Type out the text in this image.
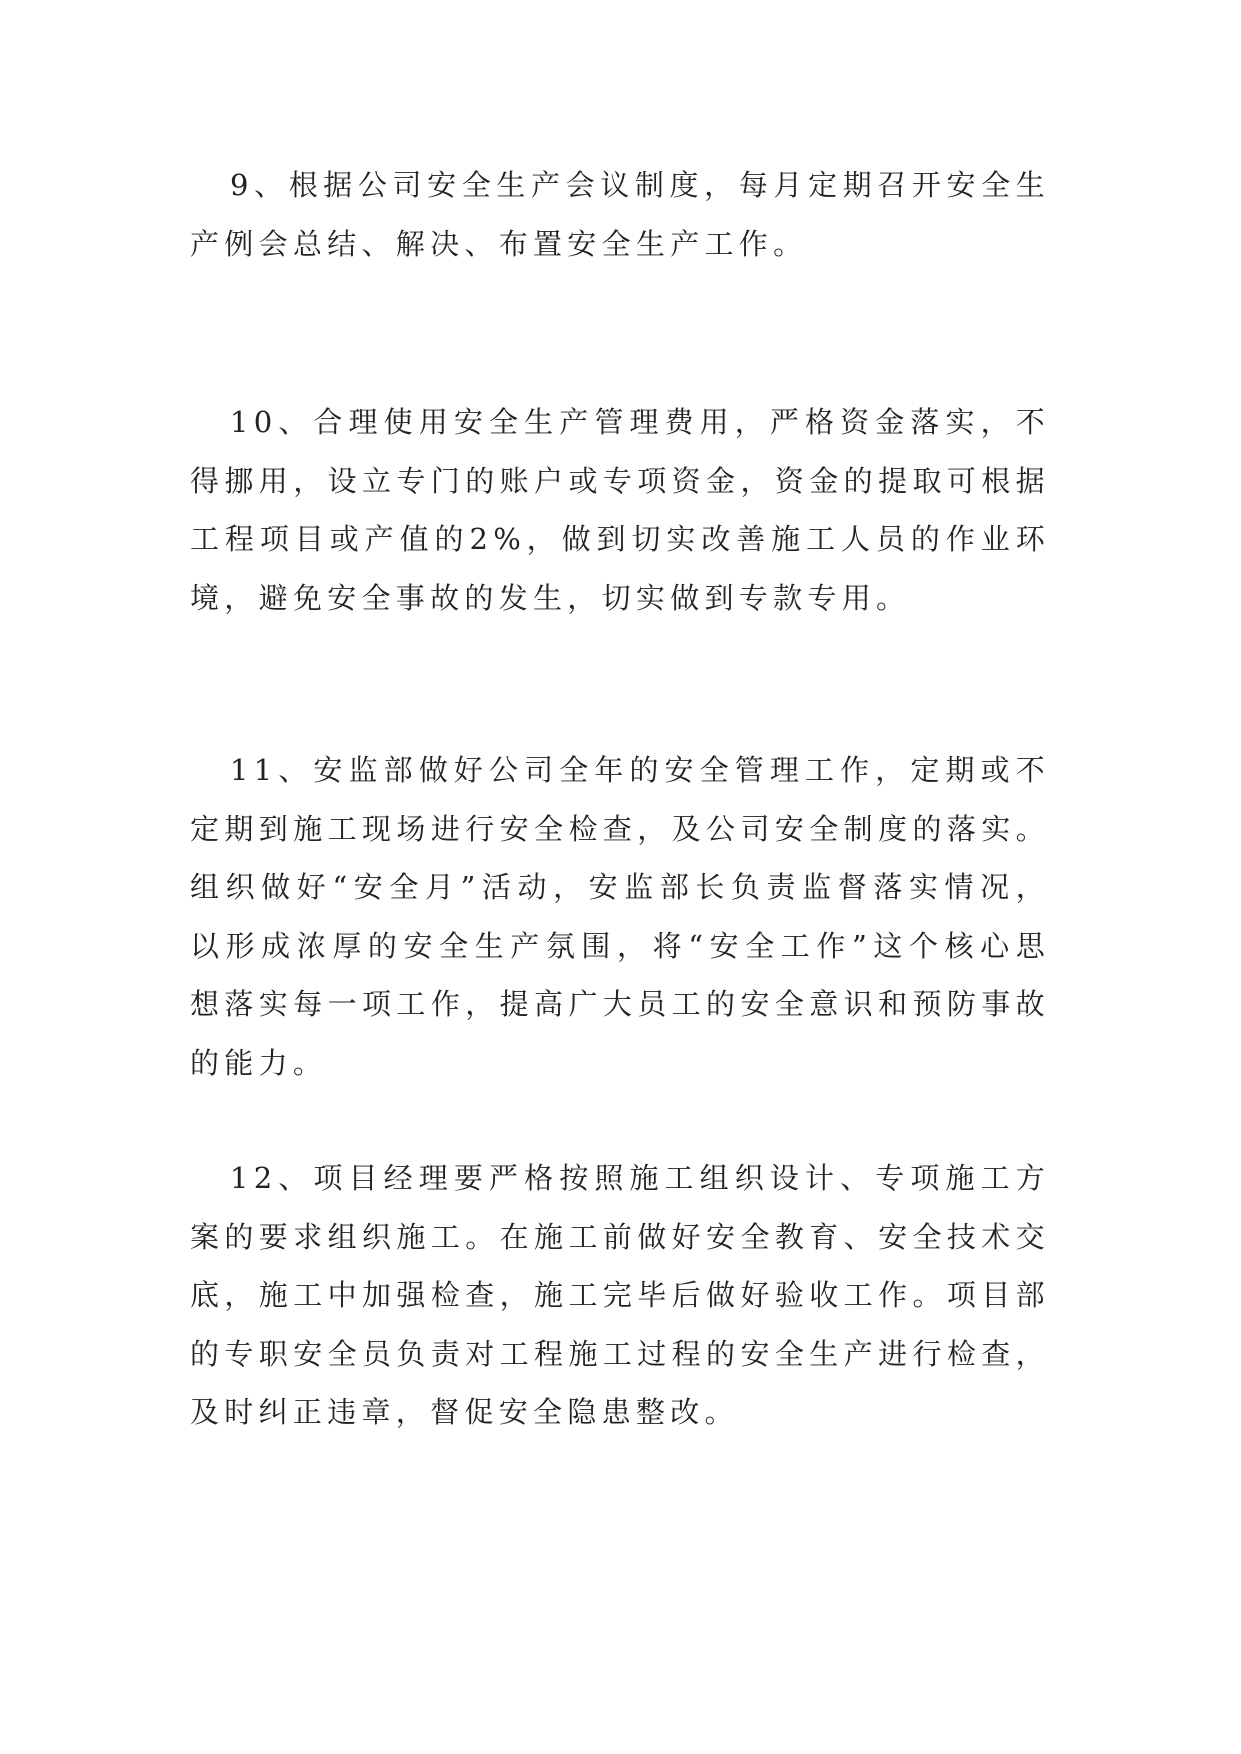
9、根据公司安全生产会议制度，每月定期召开安全生产例会总结、解决、布置安全生产工作。

10、合理使用安全生产管理费用，严格资金落实，不得挪用，设立专门的账户或专项资金，资金的提取可根据工程项目或产值的2%，做到切实改善施工人员的作业环境，避免安全事故的发生，切实做到专款专用。

11、安监部做好公司全年的安全管理工作，定期或不定期到施工现场进行安全检查，及公司安全制度的落实。组织做好“安全月”活动，安监部长负责监督落实情况，以形成浓厚的安全生产氛围，将“安全工作”这个核心思想落实每一项工作，提高广大员工的安全意识和预防事故的能力。

12、项目经理要严格按照施工组织设计、专项施工方案的要求组织施工。在施工前做好安全教育、安全技术交底，施工中加强检查，施工完毕后做好验收工作。项目部的专职安全员负责对工程施工过程的安全生产进行检查，及时纠正违章，督促安全隐患整改。
